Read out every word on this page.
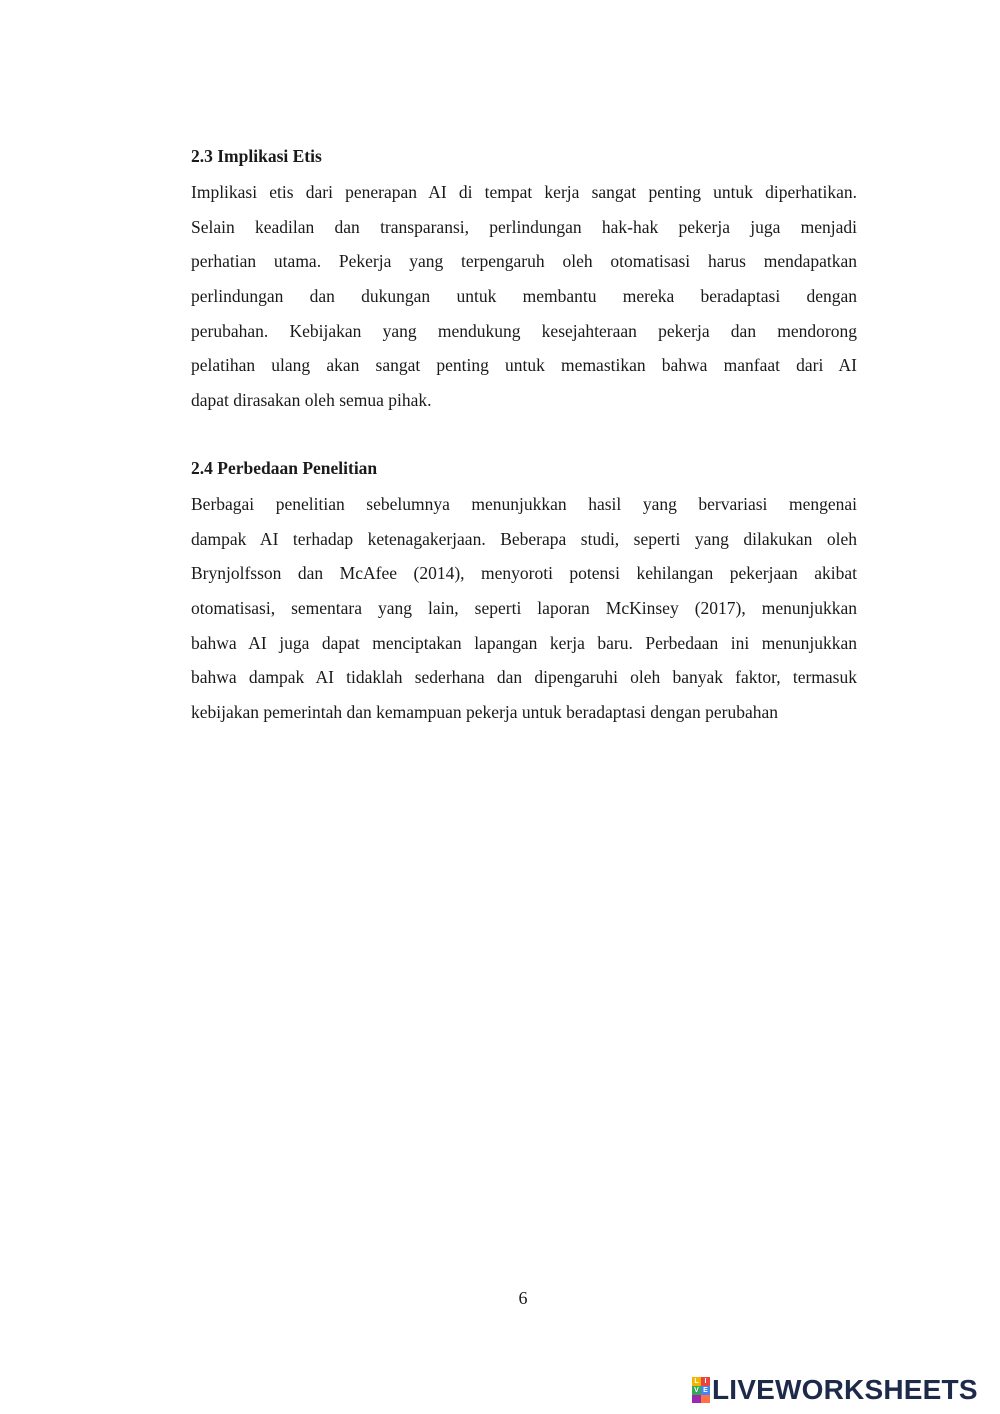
2.3 Implikasi Etis

Implikasi etis dari penerapan AI di tempat kerja sangat penting untuk diperhatikan.
Selain keadilan dan transparansi, perlindungan hak-hak pekerja juga menjadi
perhatian utama. Pekerja yang terpengaruh oleh otomatisasi harus mendapatkan
perlindungan dan dukungan untuk membantu mereka beradaptasi dengan
perubahan. Kebijakan yang mendukung kesejahteraan pekerja dan mendorong
pelatihan ulang akan sangat penting untuk memastikan bahwa manfaat dari AI
dapat dirasakan oleh semua pihak.

2.4 Perbedaan Penelitian

Berbagai penelitian sebelumnya menunjukkan hasil yang bervariasi mengenai
dampak AI terhadap ketenagakerjaan. Beberapa studi, seperti yang dilakukan oleh
Brynjolfsson dan McAfee (2014), menyoroti potensi kehilangan pekerjaan akibat
otomatisasi, sementara yang lain, seperti laporan McKinsey (2017), menunjukkan
bahwa AI juga dapat menciptakan lapangan kerja baru. Perbedaan ini menunjukkan
bahwa dampak AI tidaklah sederhana dan dipengaruhi oleh banyak faktor, termasuk
kebijakan pemerintah dan kemampuan pekerja untuk beradaptasi dengan perubahan

6
L I
V E LIVEWORKSHEETS
